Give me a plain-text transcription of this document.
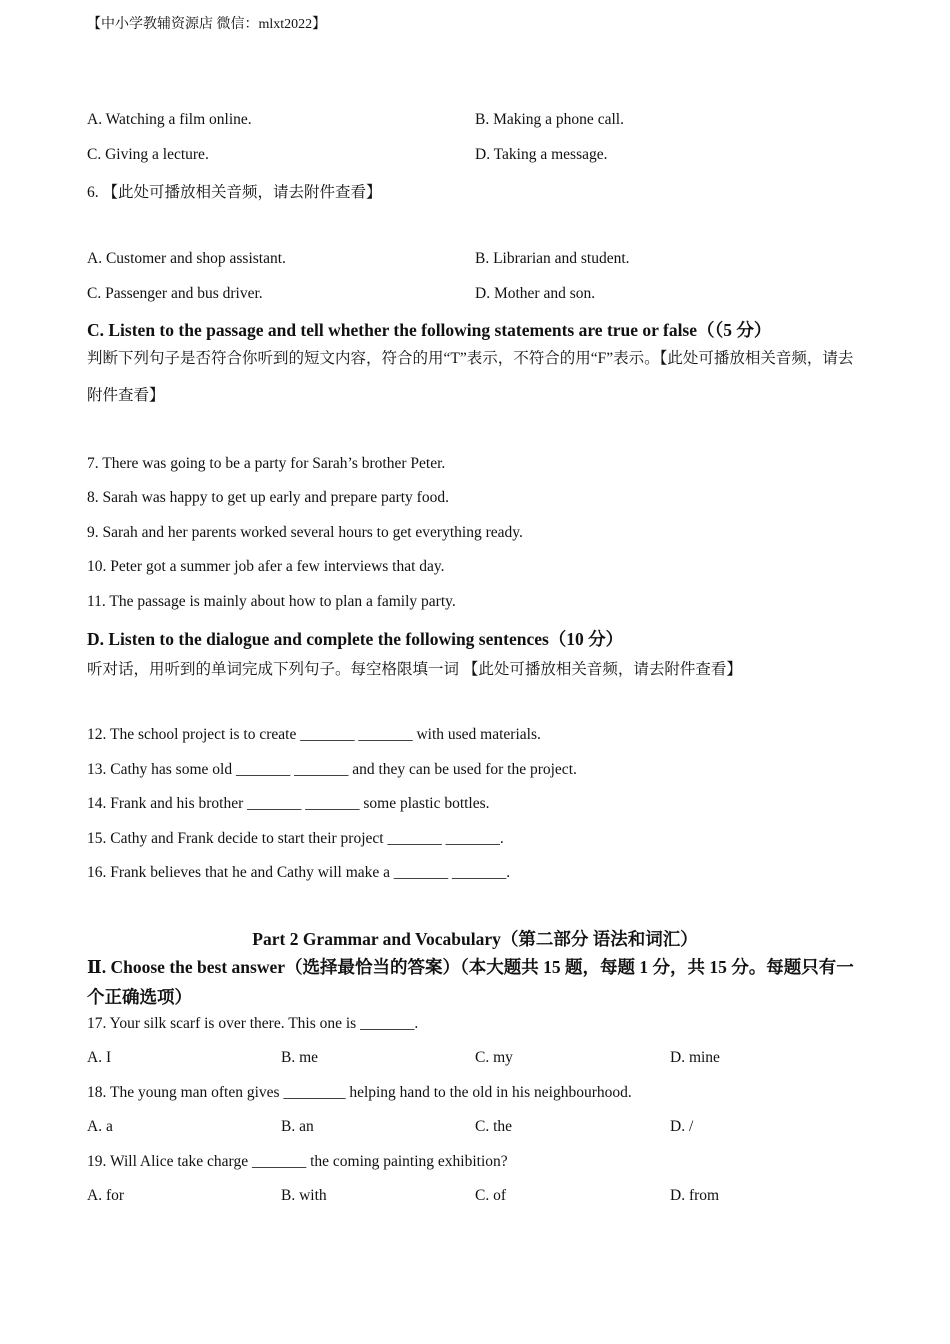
【中小学教辅资源店 微信：mlxt2022】
A. Watching a film online.	B. Making a phone call.
C. Giving a lecture.	D. Taking a message.
6. 【此处可播放相关音频，请去附件查看】
A. Customer and shop assistant.	B. Librarian and student.
C. Passenger and bus driver.	D. Mother and son.
C. Listen to the passage and tell whether the following statements are true or false（（5 分）
判断下列句子是否符合你听到的短文内容，符合的用“T”表示，不符合的用“F”表示。【此处可播放相关音频，请去附件查看】
7. There was going to be a party for Sarah’s brother Peter.
8. Sarah was happy to get up early and prepare party food.
9. Sarah and her parents worked several hours to get everything ready.
10. Peter got a summer job afer a few interviews that day.
11. The passage is mainly about how to plan a family party.
D. Listen to the dialogue and complete the following sentences（10 分）
听对话，用听到的单词完成下列句子。每空格限填一词 【此处可播放相关音频，请去附件查看】
12. The school project is to create _______ _______ with used materials.
13. Cathy has some old _______ _______ and they can be used for the project.
14. Frank and his brother _______ _______ some plastic bottles.
15. Cathy and Frank decide to start their project _______ _______.
16. Frank believes that he and Cathy will make a _______ _______.
Part 2 Grammar and Vocabulary（第二部分 语法和词汇）
Ⅱ. Choose the best answer（选择最恰当的答案）（本大题共 15 题，每题 1 分，共 15 分。每题只有一个正确选项）
17. Your silk scarf is over there. This one is _______.
A. I	B. me	C. my	D. mine
18. The young man often gives ________ helping hand to the old in his neighbourhood.
A. a	B. an	C. the	D. /
19. Will Alice take charge _______ the coming painting exhibition?
A. for	B. with	C. of	D. from
